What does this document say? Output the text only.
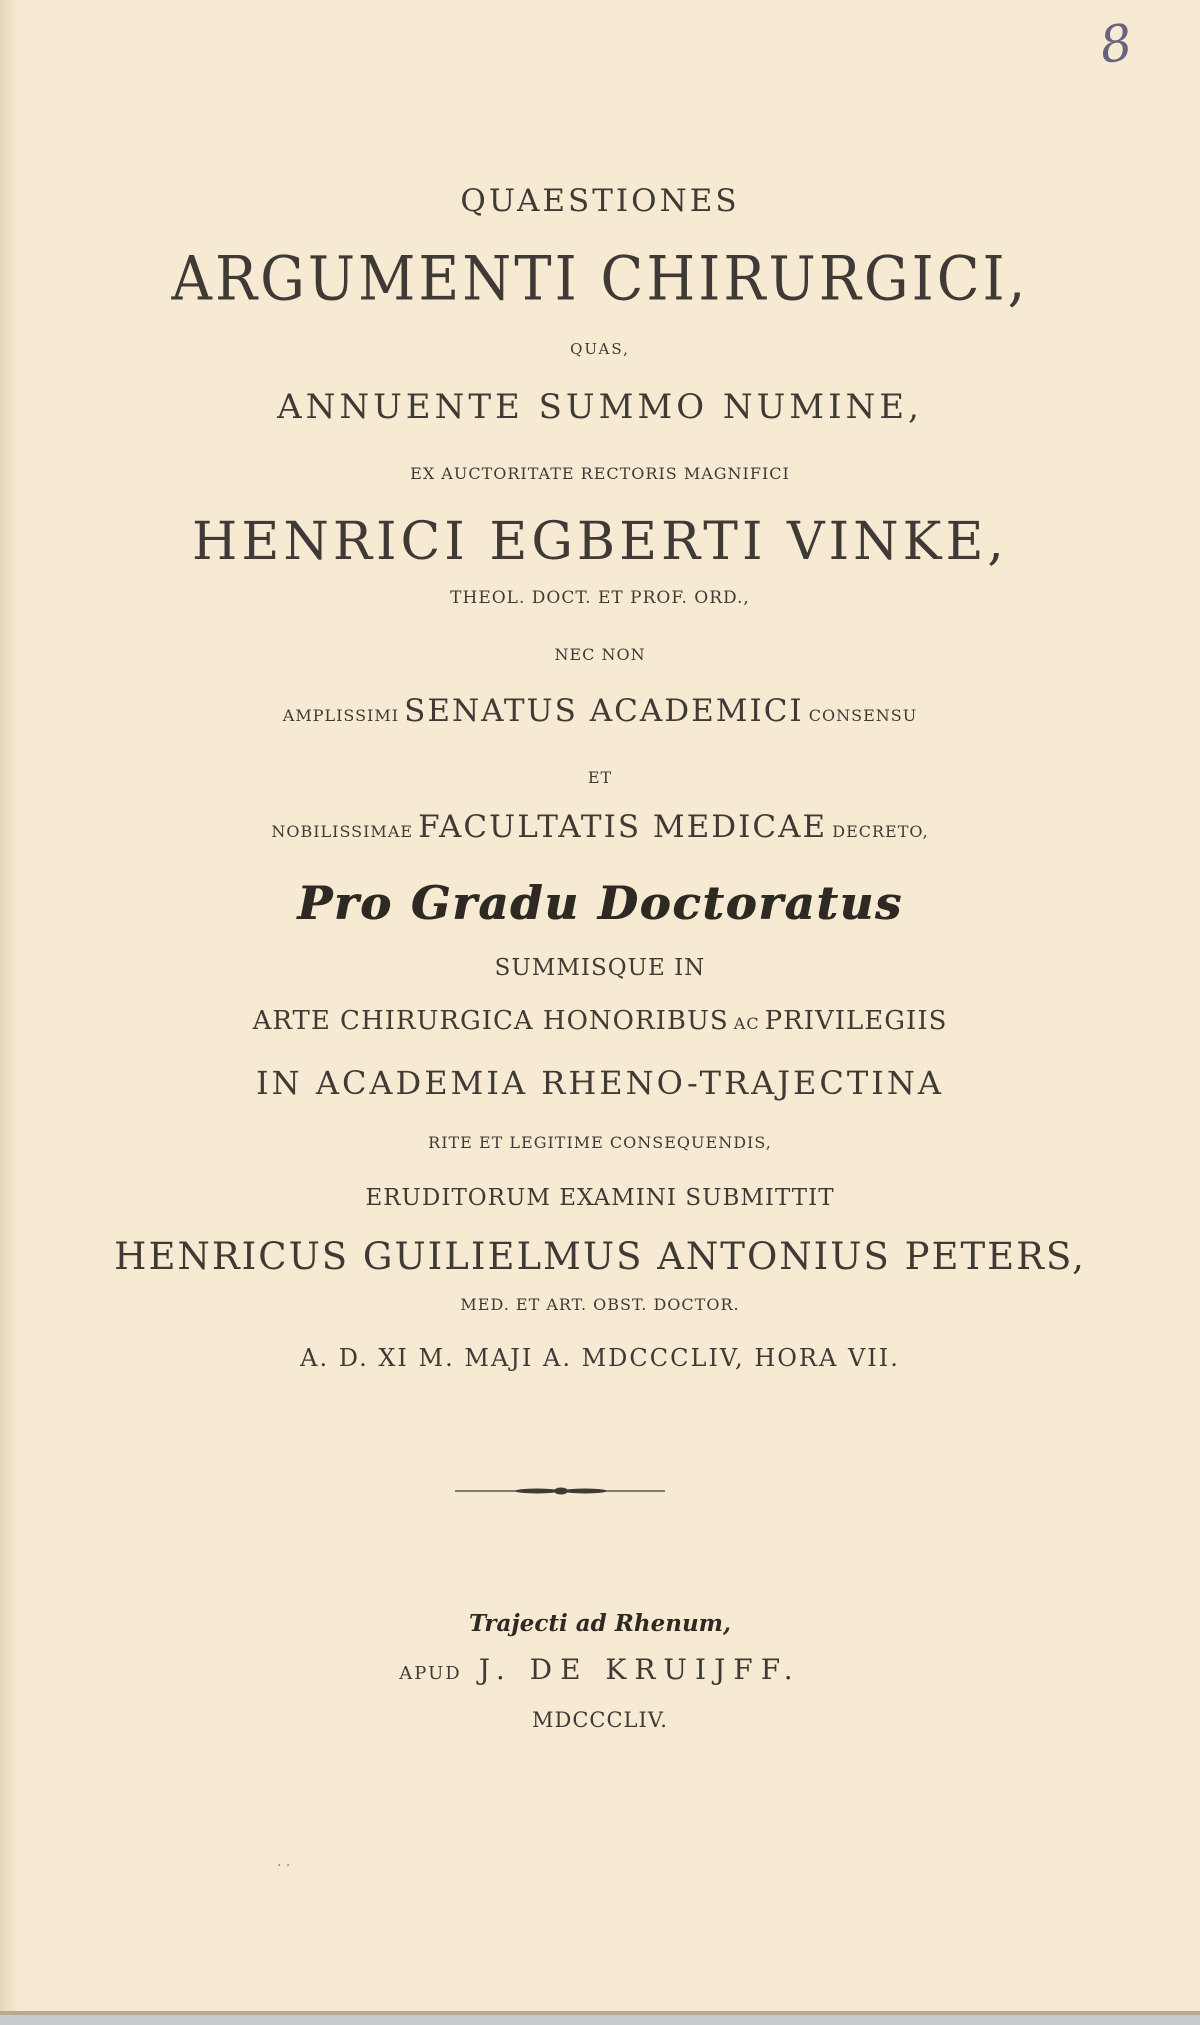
8
QUAESTIONES
ARGUMENTI CHIRURGICI,
QUAS,
ANNUENTE SUMMO NUMINE,
EX AUCTORITATE RECTORIS MAGNIFICI
HENRICI EGBERTI VINKE,
THEOL. DOCT. ET PROF. ORD.,
NEC NON
AMPLISSIMI SENATUS ACADEMICI CONSENSU
ET
NOBILISSIMAE FACULTATIS MEDICAE DECRETO,
Pro Gradu Doctoratus
SUMMISQUE IN
ARTE CHIRURGICA HONORIBUS AC PRIVILEGIIS
IN ACADEMIA RHENO-TRAJECTINA
RITE ET LEGITIME CONSEQUENDIS,
ERUDITORUM EXAMINI SUBMITTIT
HENRICUS GUILIELMUS ANTONIUS PETERS,
MED. ET ART. OBST. DOCTOR.
A. D. XI M. MAJI A. MDCCCLIV, HORA VII.
Trajecti ad Rhenum,
APUD J. DE KRUIJFF.
MDCCCLIV.
· ·
